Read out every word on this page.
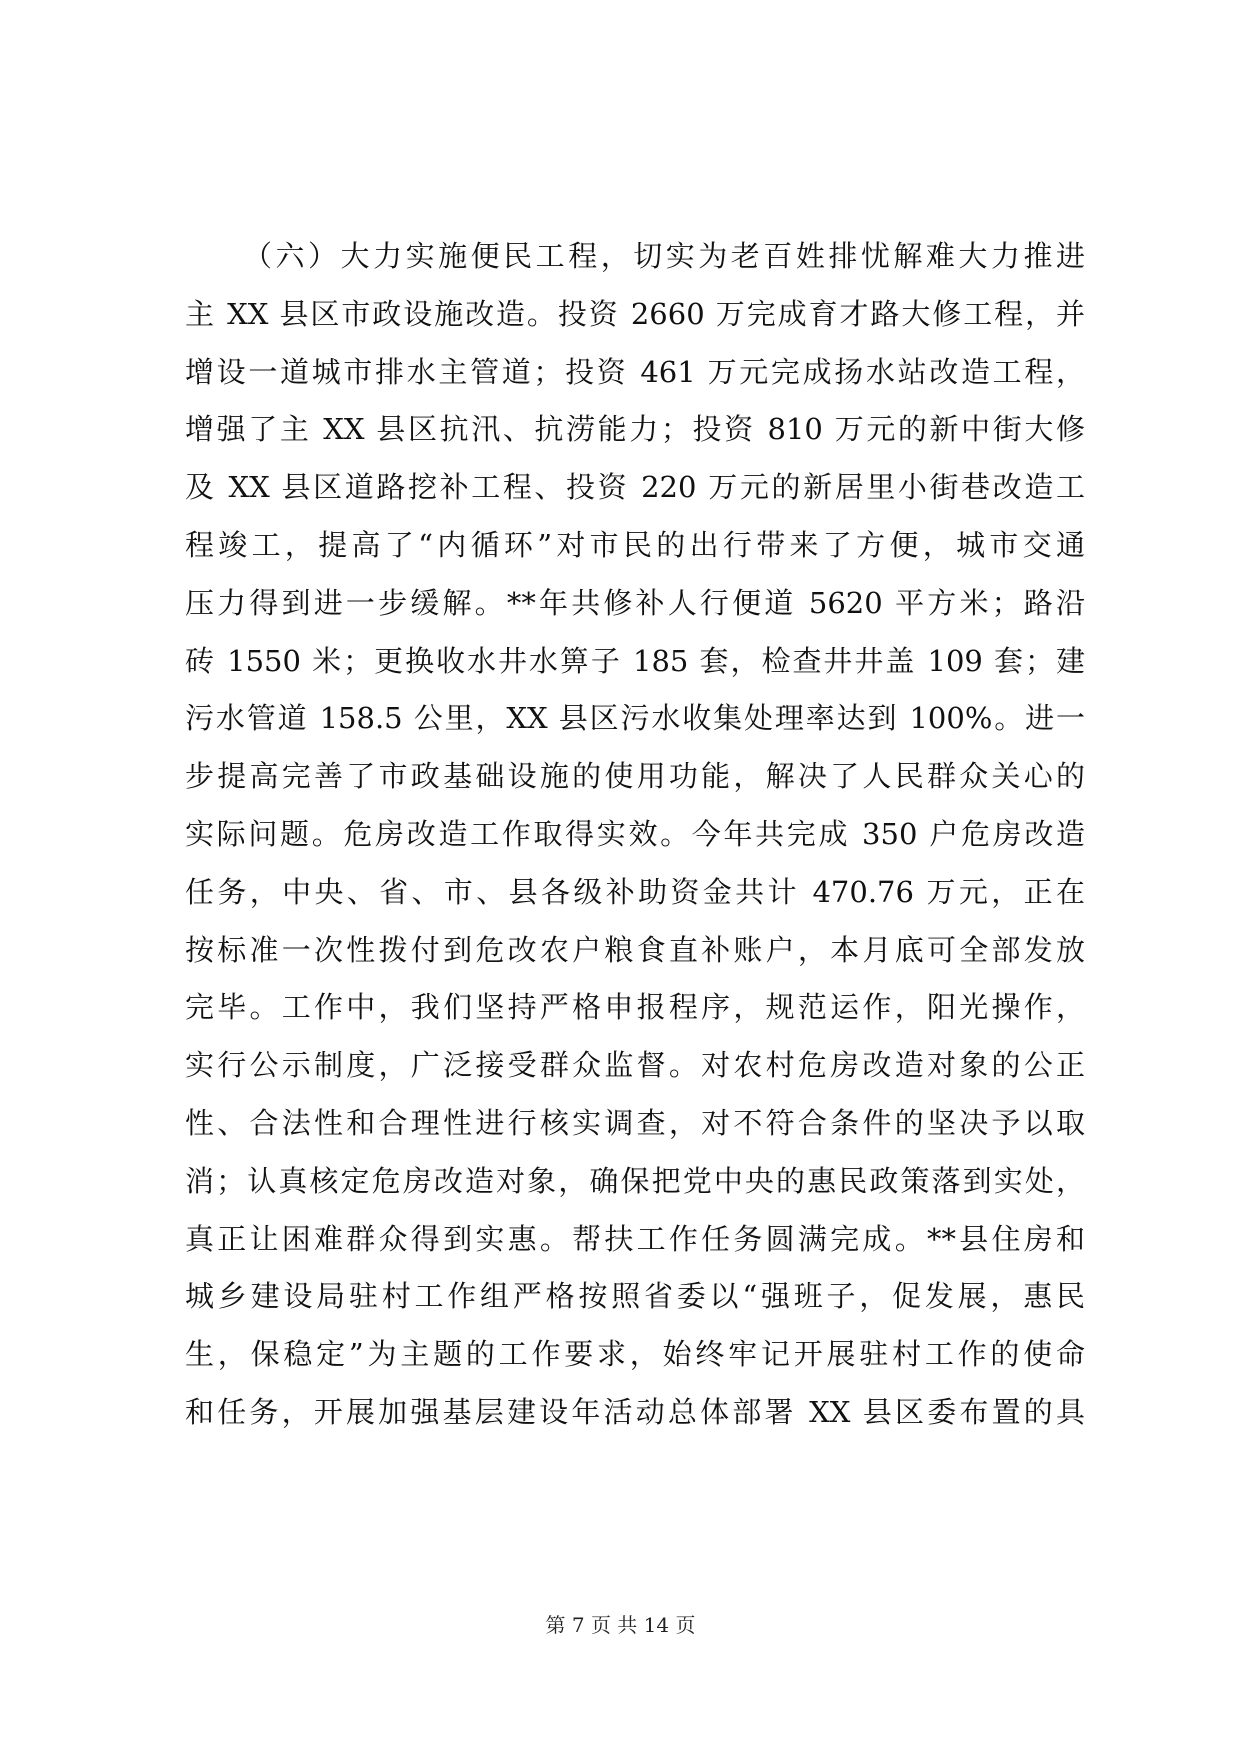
（六）大力实施便民工程，切实为老百姓排忧解难大力推进
主 XX 县区市政设施改造。投资 2660 万完成育才路大修工程，并
增设一道城市排水主管道；投资 461 万元完成扬水站改造工程，
增强了主 XX 县区抗汛、抗涝能力；投资 810 万元的新中街大修
及 XX 县区道路挖补工程、投资 220 万元的新居里小街巷改造工
程竣工，提高了“内循环”对市民的出行带来了方便，城市交通
压力得到进一步缓解。**年共修补人行便道 5620 平方米；路沿
砖 1550 米；更换收水井水箅子 185 套，检查井井盖 109 套；建
污水管道 158.5 公里，XX 县区污水收集处理率达到 100%。进一
步提高完善了市政基础设施的使用功能，解决了人民群众关心的
实际问题。危房改造工作取得实效。今年共完成 350 户危房改造
任务，中央、省、市、县各级补助资金共计 470.76 万元，正在
按标准一次性拨付到危改农户粮食直补账户，本月底可全部发放
完毕。工作中，我们坚持严格申报程序，规范运作，阳光操作，
实行公示制度，广泛接受群众监督。对农村危房改造对象的公正
性、合法性和合理性进行核实调查，对不符合条件的坚决予以取
消；认真核定危房改造对象，确保把党中央的惠民政策落到实处，
真正让困难群众得到实惠。帮扶工作任务圆满完成。**县住房和
城乡建设局驻村工作组严格按照省委以“强班子，促发展，惠民
生，保稳定”为主题的工作要求，始终牢记开展驻村工作的使命
和任务，开展加强基层建设年活动总体部署 XX 县区委布置的具
第 7 页 共 14 页
